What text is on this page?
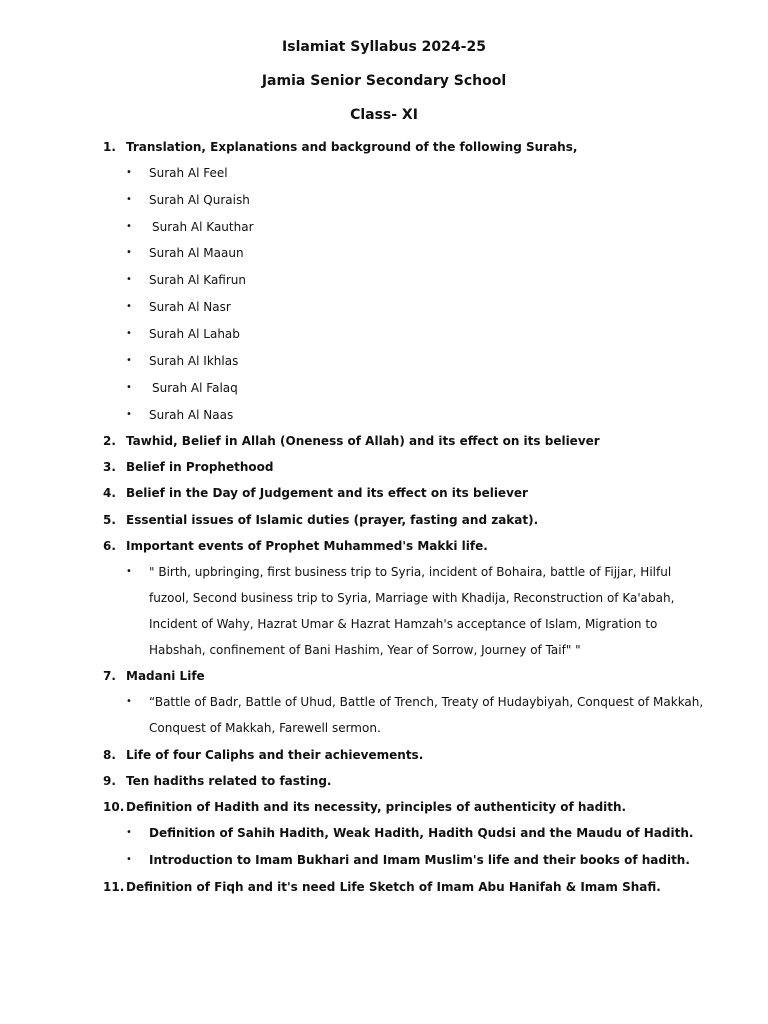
Islamiat Syllabus 2024-25
Jamia Senior Secondary School
Class- XI
1. Translation, Explanations and background of the following Surahs,
• Surah Al Feel
• Surah Al Quraish
• Surah Al Kauthar
• Surah Al Maaun
• Surah Al Kafirun
• Surah Al Nasr
• Surah Al Lahab
• Surah Al Ikhlas
• Surah Al Falaq
• Surah Al Naas
2. Tawhid, Belief in Allah (Oneness of Allah) and its effect on its believer
3. Belief in Prophethood
4. Belief in the Day of Judgement and its effect on its believer
5. Essential issues of Islamic duties (prayer, fasting and zakat).
6. Important events of Prophet Muhammed's Makki life.
• " Birth, upbringing, first business trip to Syria, incident of Bohaira, battle of Fijjar, Hilful fuzool, Second business trip to Syria, Marriage with Khadija, Reconstruction of Ka'abah, Incident of Wahy, Hazrat Umar & Hazrat Hamzah's acceptance of Islam, Migration to Habshah, confinement of Bani Hashim, Year of Sorrow, Journey of Taif" "
7. Madani Life
• “Battle of Badr, Battle of Uhud, Battle of Trench, Treaty of Hudaybiyah, Conquest of Makkah, Conquest of Makkah, Farewell sermon.
8. Life of four Caliphs and their achievements.
9. Ten hadiths related to fasting.
10. Definition of Hadith and its necessity, principles of authenticity of hadith.
• Definition of Sahih Hadith, Weak Hadith, Hadith Qudsi and the Maudu of Hadith.
• Introduction to Imam Bukhari and Imam Muslim's life and their books of hadith.
11. Definition of Fiqh and it's need Life Sketch of Imam Abu Hanifah & Imam Shafi.
